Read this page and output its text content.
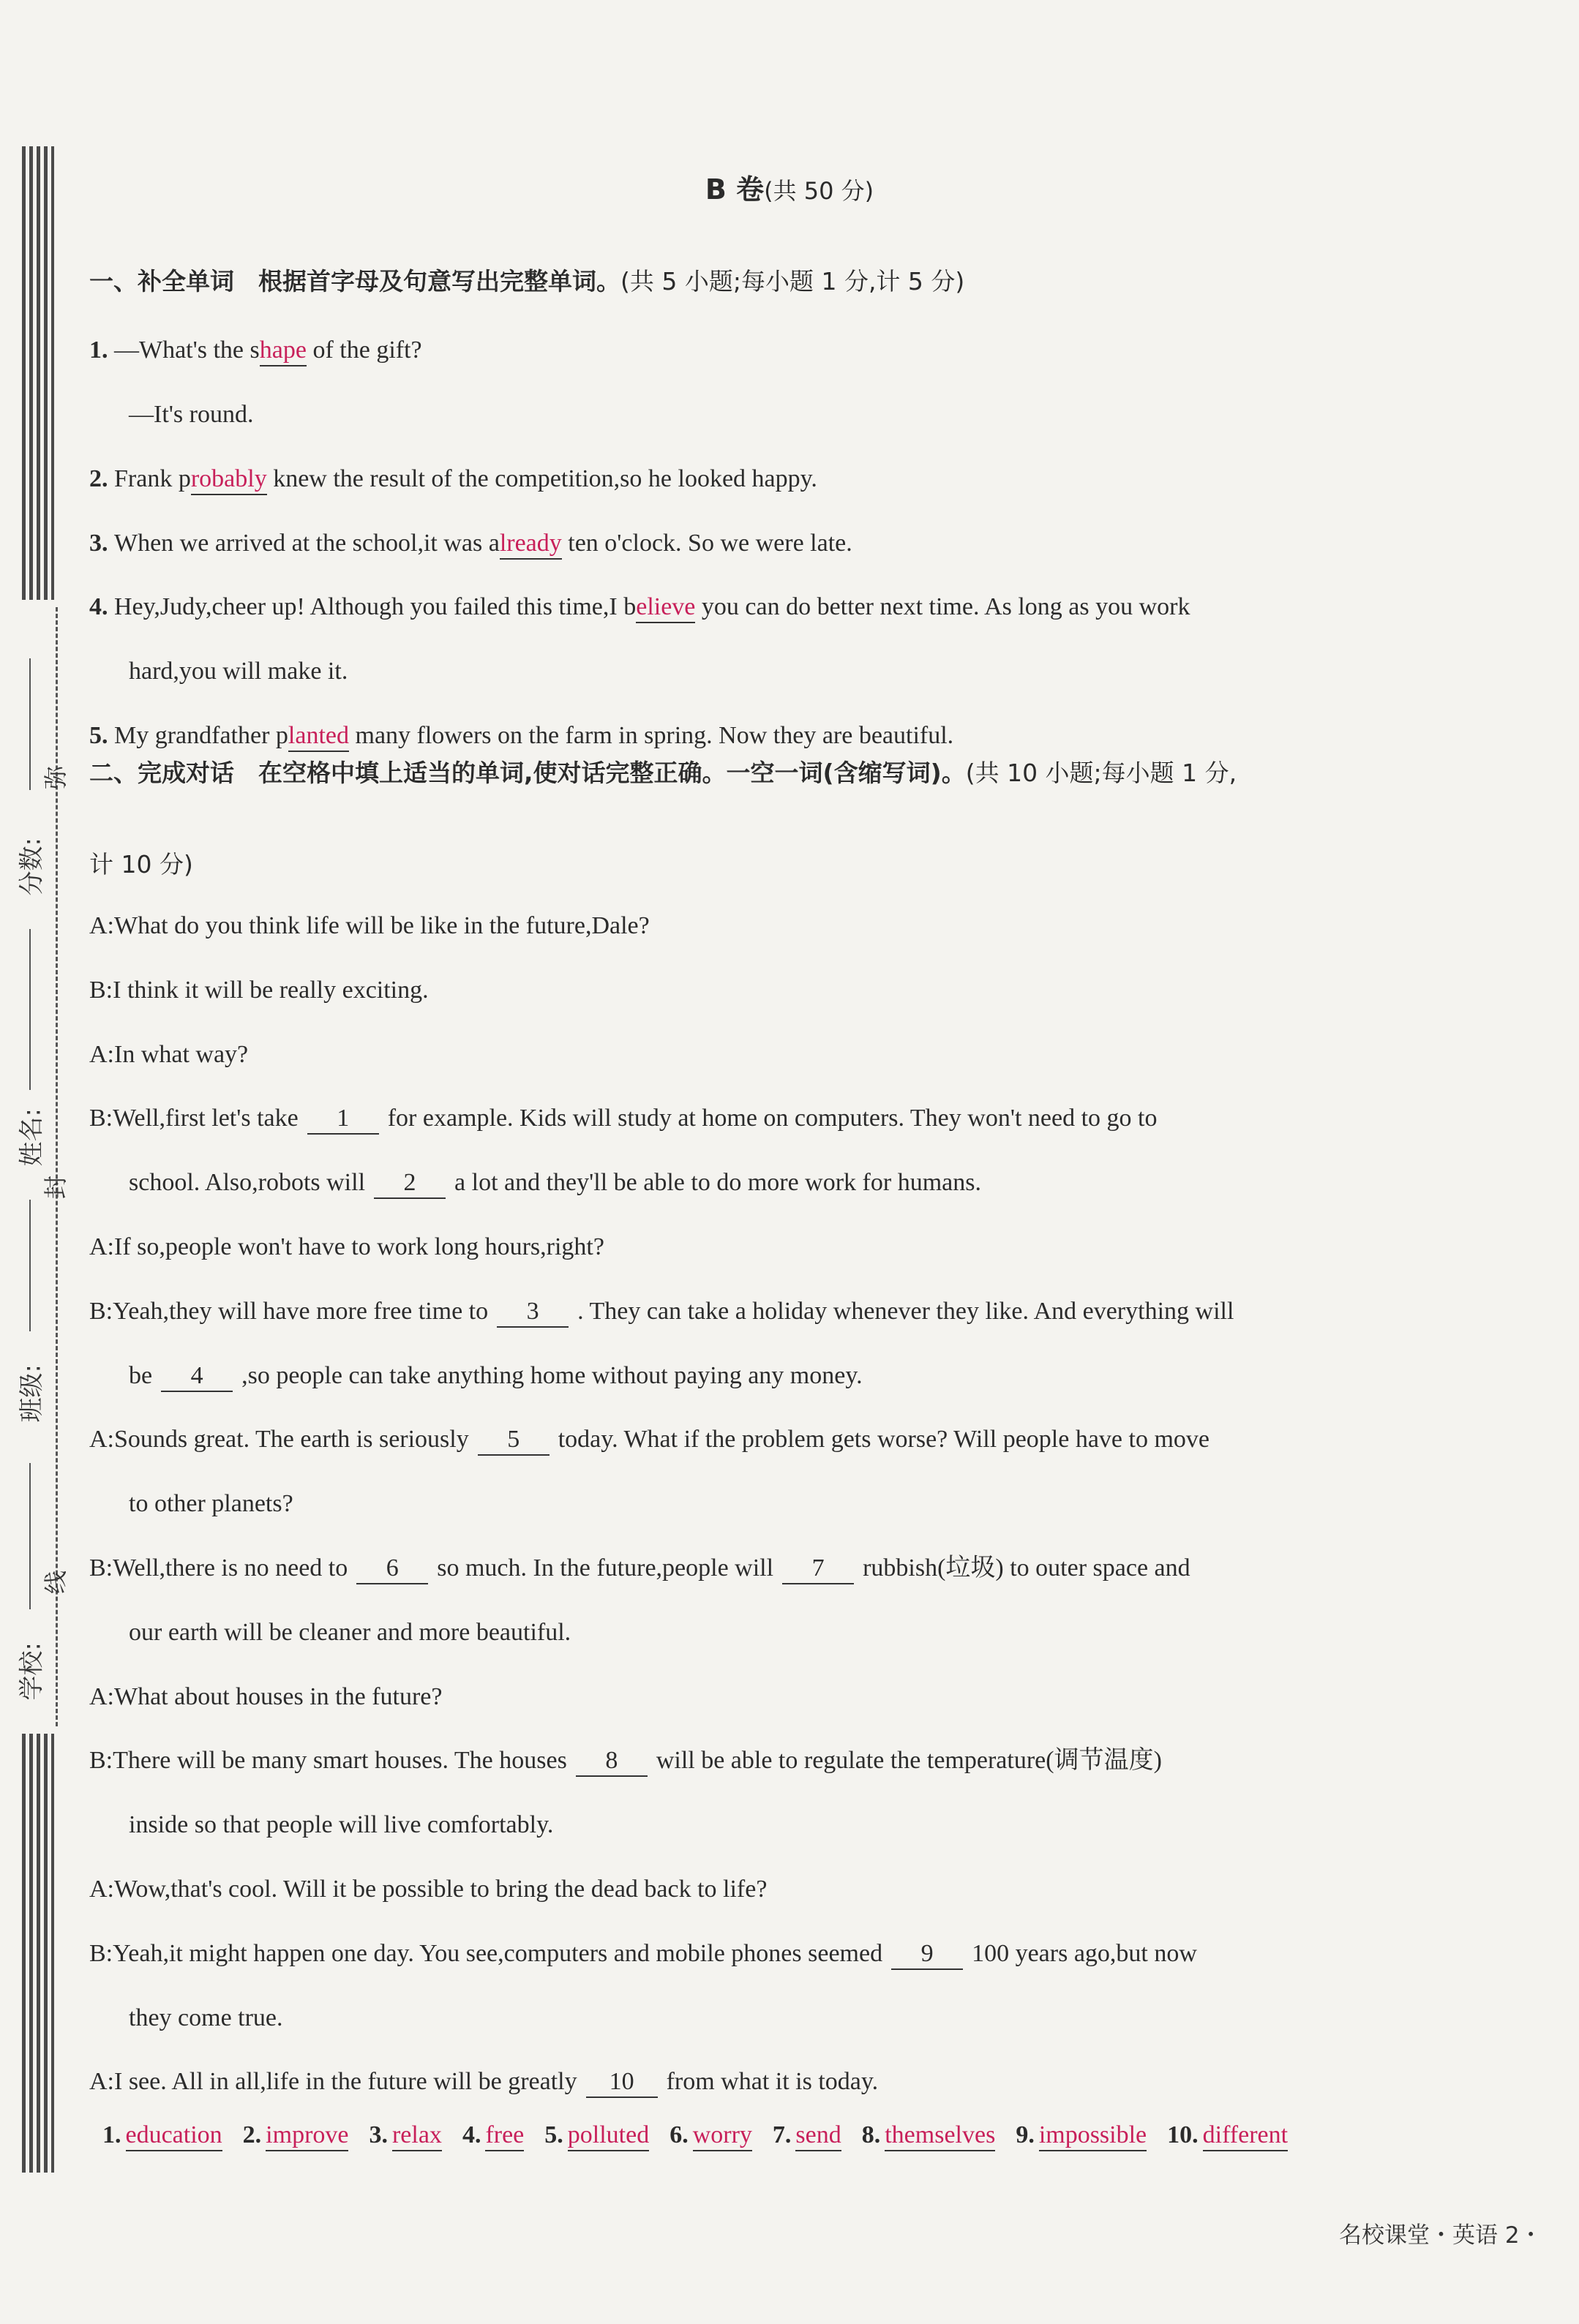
分数:
弥
姓名:
封
班级:
线
学校:
B 卷(共 50 分)
一、补全单词　根据首字母及句意写出完整单词。(共 5 小题;每小题 1 分,计 5 分)
1. —What's the shape of the gift?
—It's round.
2. Frank probably knew the result of the competition,so he looked happy.
3. When we arrived at the school,it was already ten o'clock. So we were late.
4. Hey,Judy,cheer up! Although you failed this time,I believe you can do better next time. As long as you work
hard,you will make it.
5. My grandfather planted many flowers on the farm in spring. Now they are beautiful.
二、完成对话　在空格中填上适当的单词,使对话完整正确。一空一词(含缩写词)。(共 10 小题;每小题 1 分,
计 10 分)
A:What do you think life will be like in the future,Dale?
B:I think it will be really exciting.
A:In what way?
B:Well,first let's take 1 for example. Kids will study at home on computers. They won't need to go to
school. Also,robots will 2 a lot and they'll be able to do more work for humans.
A:If so,people won't have to work long hours,right?
B:Yeah,they will have more free time to 3 . They can take a holiday whenever they like. And everything will
be 4 ,so people can take anything home without paying any money.
A:Sounds great. The earth is seriously 5 today. What if the problem gets worse? Will people have to move
to other planets?
B:Well,there is no need to 6 so much. In the future,people will 7 rubbish(垃圾) to outer space and
our earth will be cleaner and more beautiful.
A:What about houses in the future?
B:There will be many smart houses. The houses 8 will be able to regulate the temperature(调节温度)
inside so that people will live comfortably.
A:Wow,that's cool. Will it be possible to bring the dead back to life?
B:Yeah,it might happen one day. You see,computers and mobile phones seemed 9 100 years ago,but now
they come true.
A:I see. All in all,life in the future will be greatly 10 from what it is today.
1. education 2. improve 3. relax 4. free 5. polluted 6. worry 7. send 8. themselves 9. impossible 10. different
名校课堂・英语 2・
